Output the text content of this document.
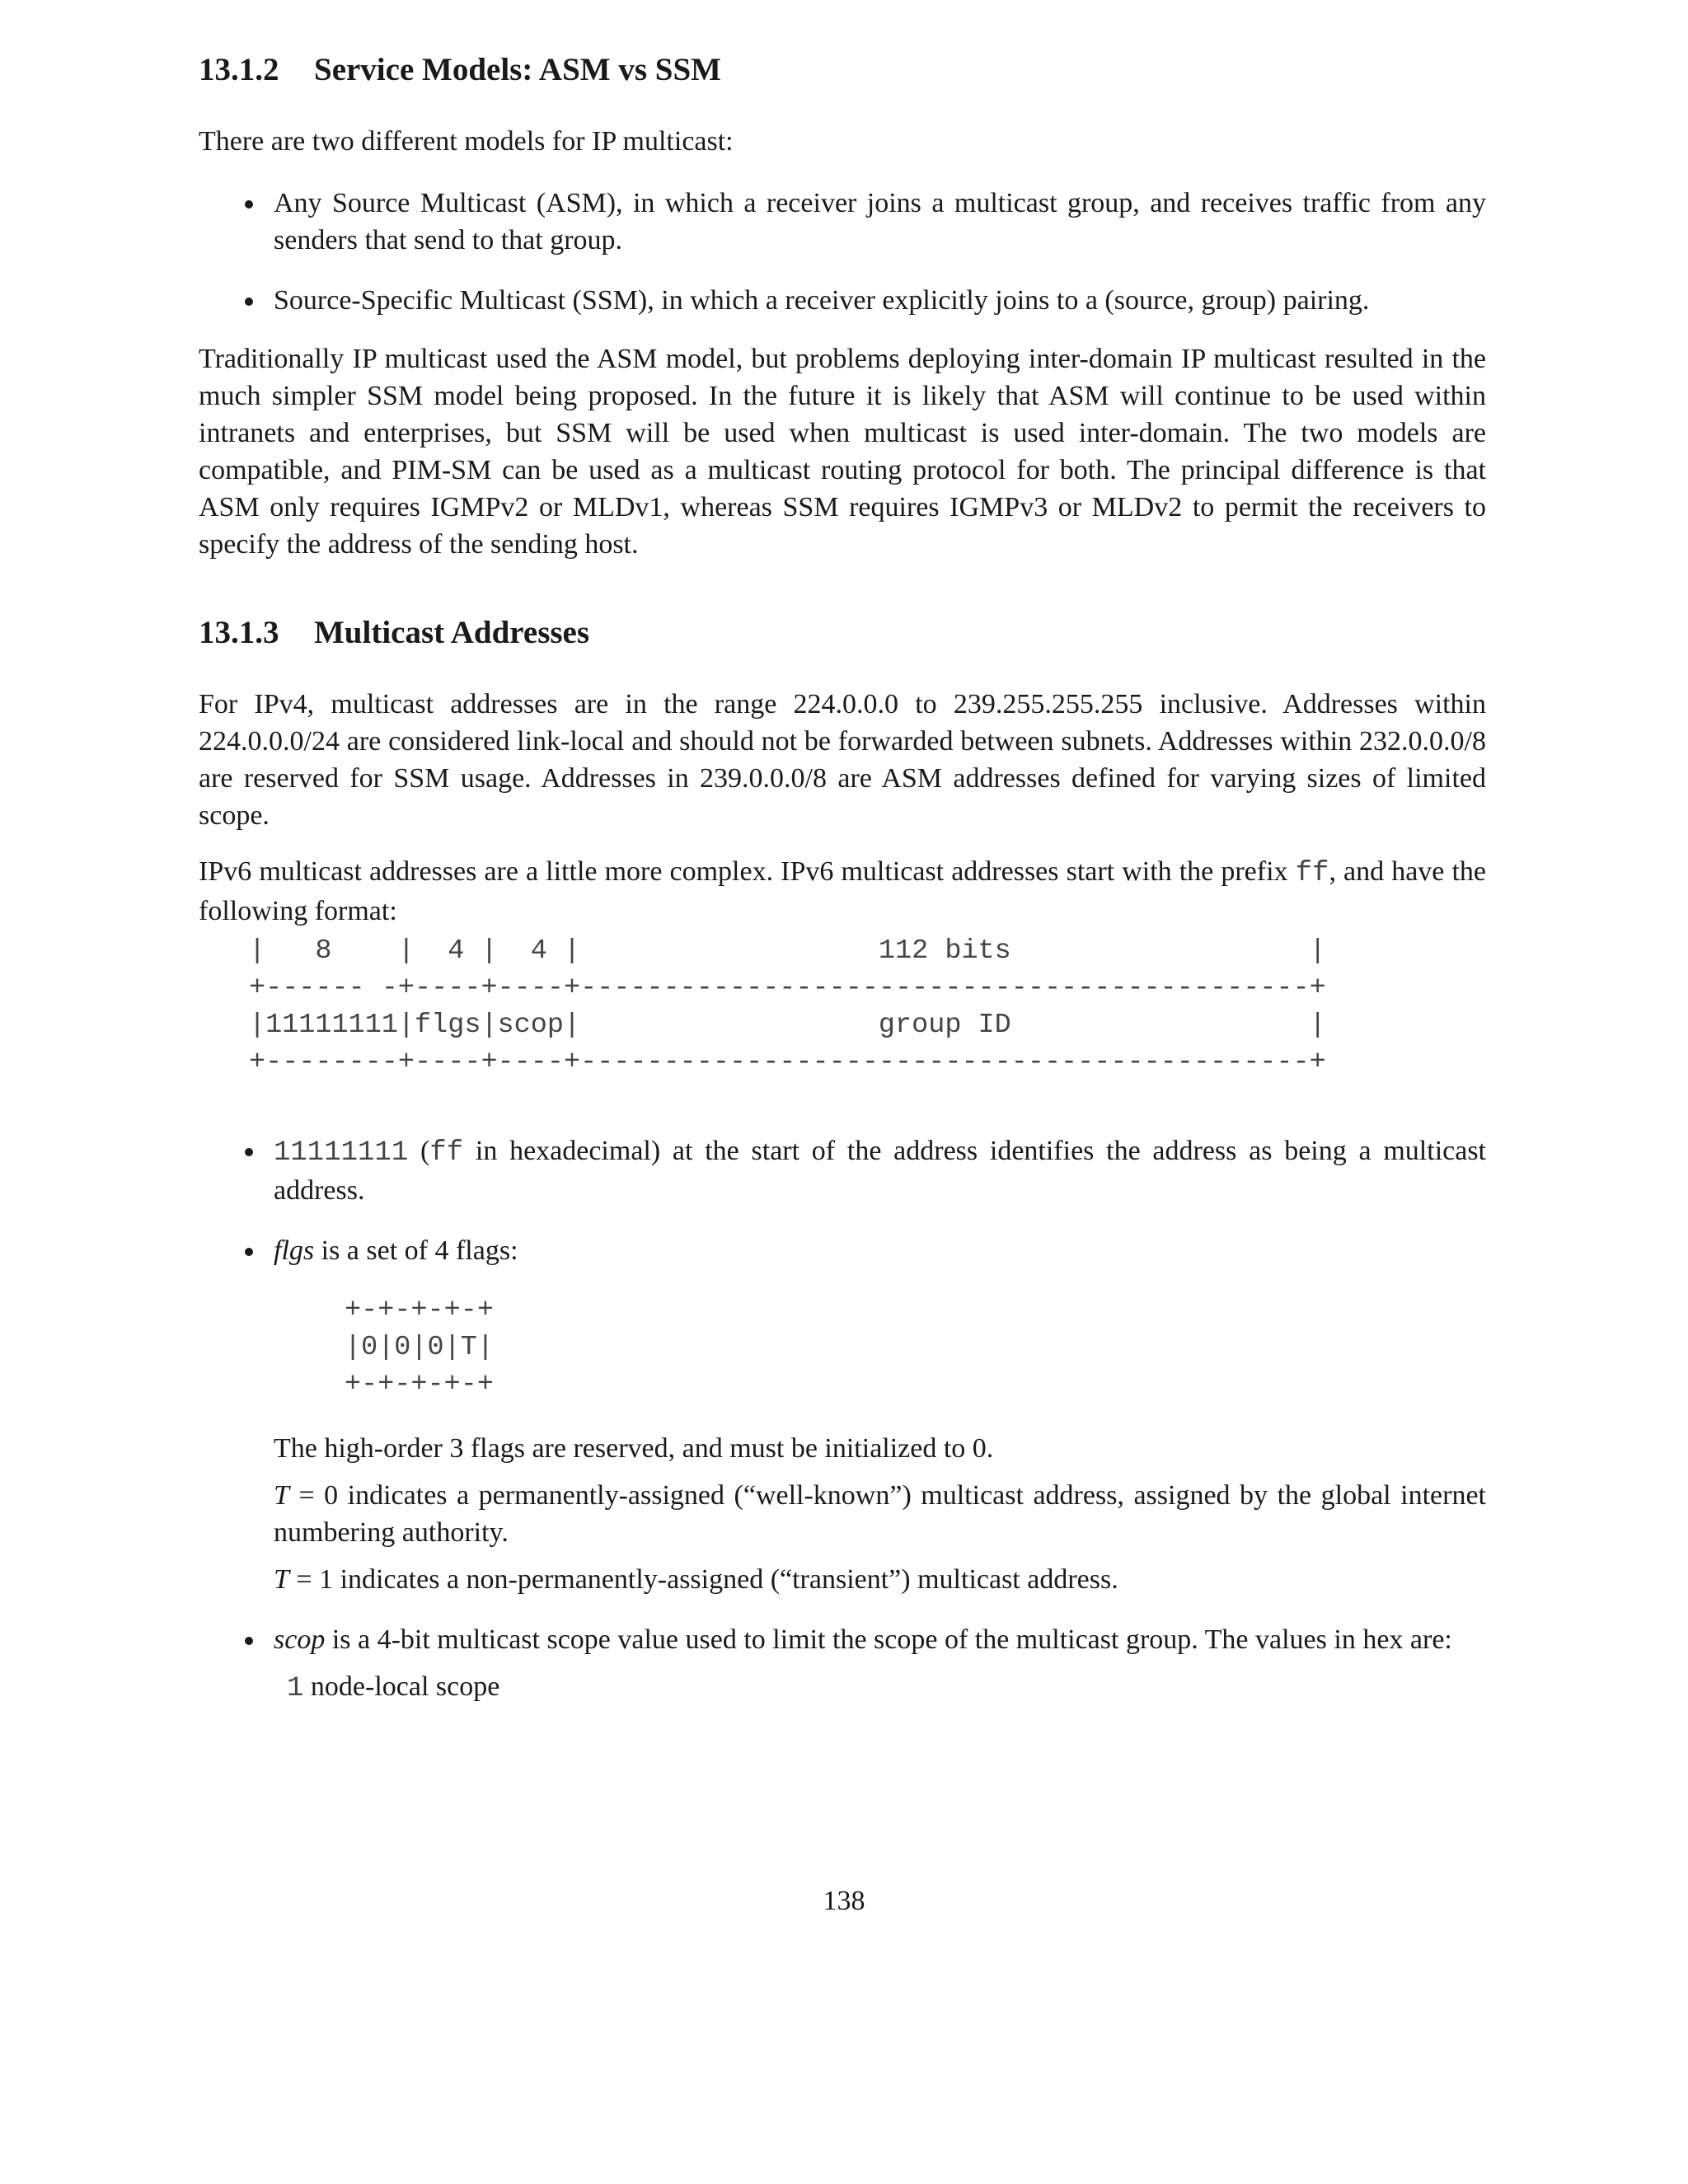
13.1.2 Service Models: ASM vs SSM

There are two different models for IP multicast:

Any Source Multicast (ASM), in which a receiver joins a multicast group, and receives traffic from any senders that send to that group.
Source-Specific Multicast (SSM), in which a receiver explicitly joins to a (source, group) pairing.

Traditionally IP multicast used the ASM model, but problems deploying inter-domain IP multicast resulted in the much simpler SSM model being proposed. In the future it is likely that ASM will continue to be used within intranets and enterprises, but SSM will be used when multicast is used inter-domain. The two models are compatible, and PIM-SM can be used as a multicast routing protocol for both. The principal difference is that ASM only requires IGMPv2 or MLDv1, whereas SSM requires IGMPv3 or MLDv2 to permit the receivers to specify the address of the sending host.

13.1.3 Multicast Addresses

For IPv4, multicast addresses are in the range 224.0.0.0 to 239.255.255.255 inclusive. Addresses within 224.0.0.0/24 are considered link-local and should not be forwarded between subnets. Addresses within 232.0.0.0/8 are reserved for SSM usage. Addresses in 239.0.0.0/8 are ASM addresses defined for varying sizes of limited scope.

IPv6 multicast addresses are a little more complex. IPv6 multicast addresses start with the prefix ff, and have the following format:

|   8    |  4 |  4 |                  112 bits                  |
+------ -+----+----+--------------------------------------------+
|11111111|flgs|scop|                  group ID                  |
+--------+----+----+--------------------------------------------+
11111111 (ff in hexadecimal) at the start of the address identifies the address as being a multicast address.
flgs is a set of 4 flags:
+-+-+-+-+
|0|0|0|T|
+-+-+-+-+

The high-order 3 flags are reserved, and must be initialized to 0.

T = 0 indicates a permanently-assigned (“well-known”) multicast address, assigned by the global internet numbering authority.

T = 1 indicates a non-permanently-assigned (“transient”) multicast address.

scop is a 4-bit multicast scope value used to limit the scope of the multicast group. The values in hex are:
1 node-local scope
138
